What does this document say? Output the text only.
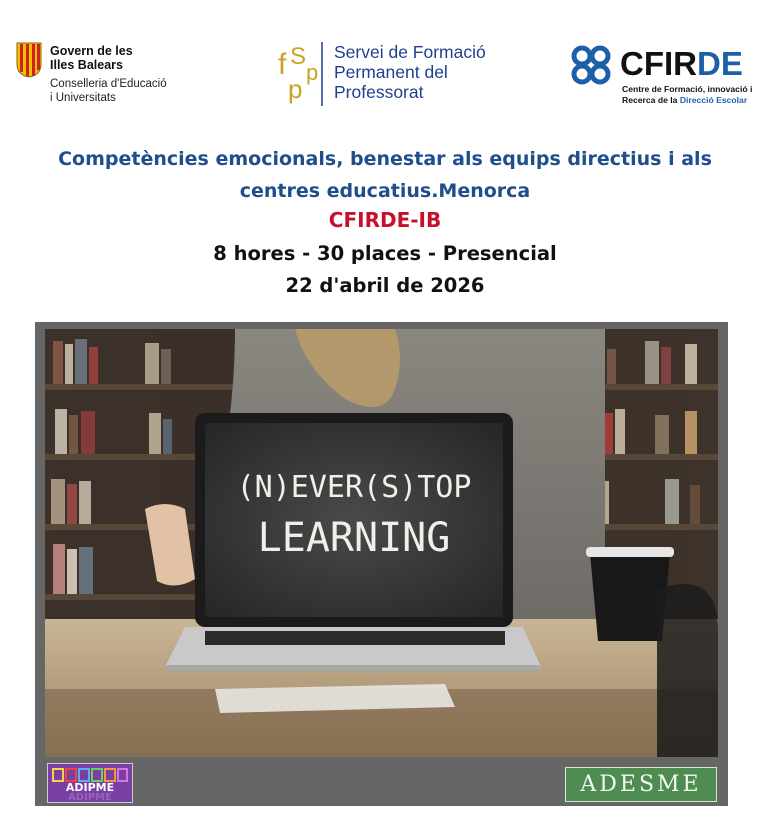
Govern de les
Illes Balears
Conselleria d'Educació
i Universitats
f S
p
p
Servei de Formació
Permanent del
Professorat
CFIRDE
Centre de Formació, innovació i
Recerca de la Direcció Escolar
Competències emocionals, benestar als equips directius i als
centres educatius.Menorca
CFIRDE-IB
8 hores - 30 places - Presencial
22 d'abril de 2026
(N)EVER(S)TOP
LEARNING
ADIPME
ADIPME
ADESME
